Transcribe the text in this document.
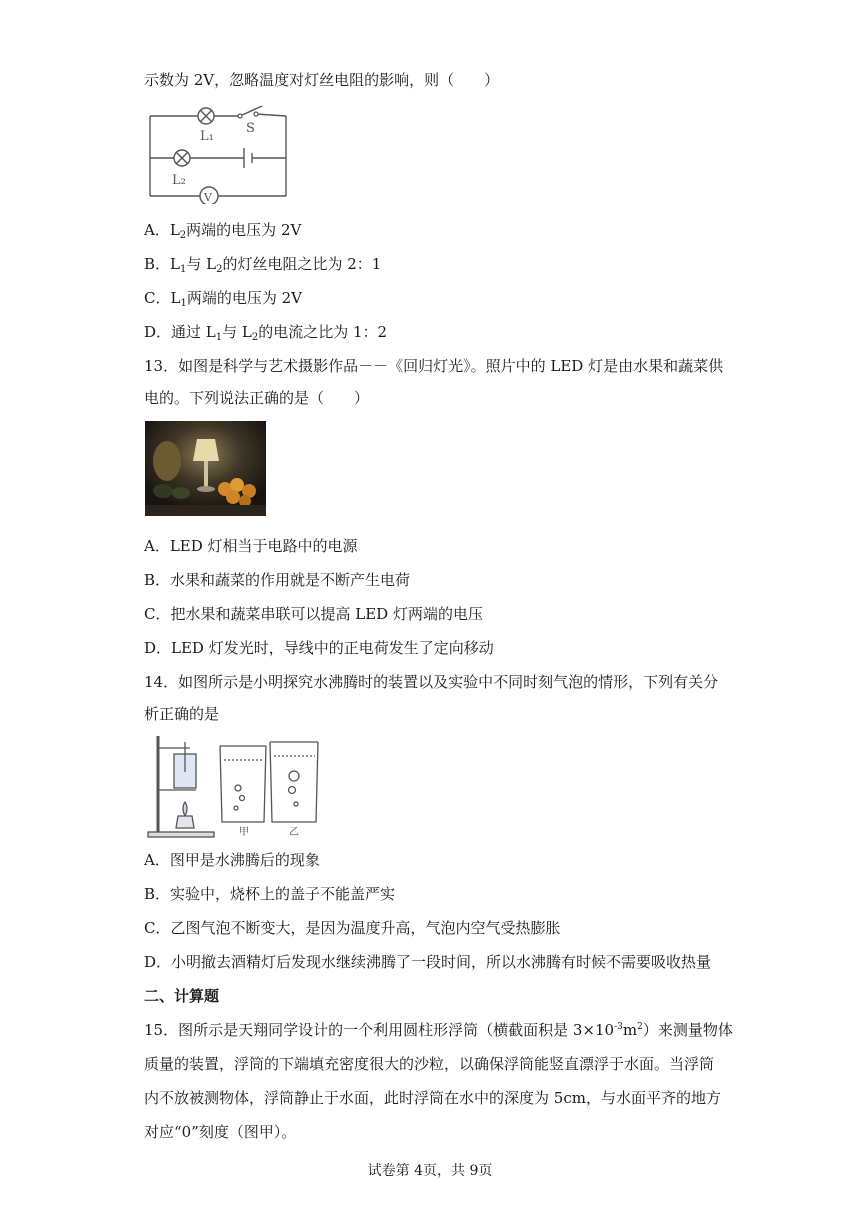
示数为 2V，忽略温度对灯丝电阻的影响，则（　　）
L₁
S
L₂
V
A．$L_2$两端的电压为 2V
B．$L_1$与 $L_2$的灯丝电阻之比为 2：1
C．$L_1$两端的电压为 2V
D．通过 $L_1$与 $L_2$的电流之比为 1：2
13．如图是科学与艺术摄影作品－－《回归灯光》。照片中的 LED 灯是由水果和蔬菜供
电的。下列说法正确的是（　　）
A．LED 灯相当于电路中的电源
B．水果和蔬菜的作用就是不断产生电荷
C．把水果和蔬菜串联可以提高 LED 灯两端的电压
D．LED 灯发光时，导线中的正电荷发生了定向移动
14．如图所示是小明探究水沸腾时的装置以及实验中不同时刻气泡的情形，下列有关分
析正确的是
甲	乙
A．图甲是水沸腾后的现象
B．实验中，烧杯上的盖子不能盖严实
C．乙图气泡不断变大，是因为温度升高，气泡内空气受热膨胀
D．小明撤去酒精灯后发现水继续沸腾了一段时间，所以水沸腾有时候不需要吸收热量
二、计算题
15．图所示是天翔同学设计的一个利用圆柱形浮筒（横截面积是 $3\times 10^{-3}m^2$）来测量物体
质量的装置，浮筒的下端填充密度很大的沙粒，以确保浮筒能竖直漂浮于水面。当浮筒
内不放被测物体，浮筒静止于水面，此时浮筒在水中的深度为 5cm，与水面平齐的地方
对应“0”刻度（图甲）。
试卷第 4页，共 9页
